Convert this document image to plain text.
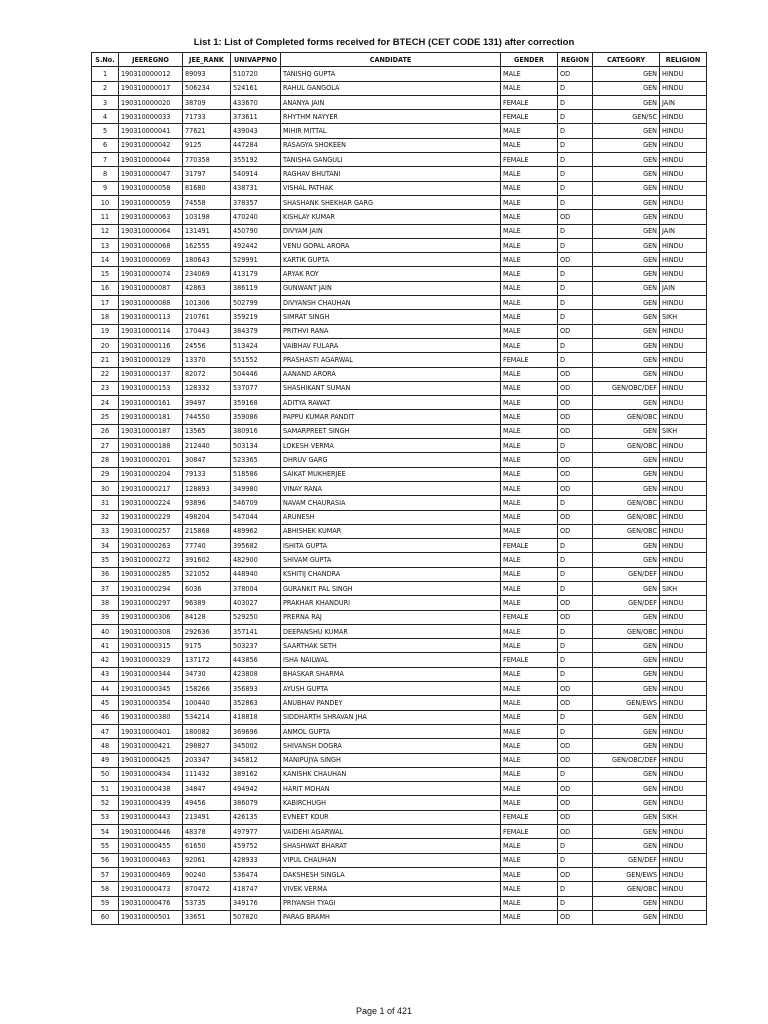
List 1: List of Completed forms received for BTECH (CET CODE 131) after correction
S.No.	JEEREGNO	JEE_RANK	UNIVAPPNO	CANDIDATE	GENDER	REGION	CATEGORY	RELIGION
1	190310000012	89093	510720	TANISHQ GUPTA	MALE	OD	GEN	HINDU
2	190310000017	506234	524161	RAHUL GANGOLA	MALE	D	GEN	HINDU
3	190310000020	38709	433670	ANANYA JAIN	FEMALE	D	GEN	JAIN
4	190310000033	71733	373611	RHYTHM NAYYER	FEMALE	D	GEN/SC	HINDU
5	190310000041	77621	439043	MIHIR MITTAL	MALE	D	GEN	HINDU
6	190310000042	9125	447284	RASAGYA SHOKEEN	MALE	D	GEN	HINDU
7	190310000044	770358	355192	TANISHA GANGULI	FEMALE	D	GEN	HINDU
8	190310000047	31797	540914	RAGHAV BHUTANI	MALE	D	GEN	HINDU
9	190310000058	81680	438731	VISHAL PATHAK	MALE	D	GEN	HINDU
10	190310000059	74558	378357	SHASHANK SHEKHAR GARG	MALE	D	GEN	HINDU
11	190310000063	103198	470240	KISHLAY KUMAR	MALE	OD	GEN	HINDU
12	190310000064	131491	450790	DIVYAM JAIN	MALE	D	GEN	JAIN
13	190310000068	162555	492442	VENU GOPAL ARORA	MALE	D	GEN	HINDU
14	190310000069	180643	529991	KARTIK GUPTA	MALE	OD	GEN	HINDU
15	190310000074	234069	413179	ARYAK ROY	MALE	D	GEN	HINDU
16	190310000087	42863	386119	GUNWANT JAIN	MALE	D	GEN	JAIN
17	190310000088	101306	502799	DIVYANSH CHAUHAN	MALE	D	GEN	HINDU
18	190310000113	210761	359219	SIMRAT SINGH	MALE	D	GEN	SIKH
19	190310000114	170443	384379	PRITHVI RANA	MALE	OD	GEN	HINDU
20	190310000116	24556	513424	VAIBHAV FULARA	MALE	D	GEN	HINDU
21	190310000129	13370	551552	PRASHASTI AGARWAL	FEMALE	D	GEN	HINDU
22	190310000137	82072	504446	AANAND ARORA	MALE	OD	GEN	HINDU
23	190310000153	128332	537077	SHASHIKANT SUMAN	MALE	OD	GEN/OBC/DEF	HINDU
24	190310000161	39497	359168	ADITYA RAWAT	MALE	OD	GEN	HINDU
25	190310000181	744550	359086	PAPPU KUMAR PANDIT	MALE	OD	GEN/OBC	HINDU
26	190310000187	13565	380916	SAMARPREET SINGH	MALE	OD	GEN	SIKH
27	190310000188	212440	503134	LOKESH VERMA	MALE	D	GEN/OBC	HINDU
28	190310000201	30847	523365	DHRUV GARG	MALE	OD	GEN	HINDU
29	190310000204	79133	518586	SAIKAT MUKHERJEE	MALE	OD	GEN	HINDU
30	190310000217	128893	349980	VINAY RANA	MALE	OD	GEN	HINDU
31	190310000224	93896	546709	NAVAM CHAURASIA	MALE	D	GEN/OBC	HINDU
32	190310000229	498204	547044	ARUNESH	MALE	OD	GEN/OBC	HINDU
33	190310000257	215868	489962	ABHISHEK KUMAR	MALE	OD	GEN/OBC	HINDU
34	190310000263	77740	395682	ISHITA GUPTA	FEMALE	D	GEN	HINDU
35	190310000272	391602	482900	SHIVAM GUPTA	MALE	D	GEN	HINDU
36	190310000285	321052	448940	KSHITIJ CHANDRA	MALE	D	GEN/DEF	HINDU
37	190310000294	6036	378004	GURANKIT PAL SINGH	MALE	D	GEN	SIKH
38	190310000297	96389	403027	PRAKHAR KHANDURI	MALE	OD	GEN/DEF	HINDU
39	190310000306	84128	529250	PRERNA RAJ	FEMALE	OD	GEN	HINDU
40	190310000308	292636	357141	DEEPANSHU KUMAR	MALE	D	GEN/OBC	HINDU
41	190310000315	9175	503237	SAARTHAK SETH	MALE	D	GEN	HINDU
42	190310000329	137172	443856	ISHA NAILWAL	FEMALE	D	GEN	HINDU
43	190310000344	34730	423808	BHASKAR SHARMA	MALE	D	GEN	HINDU
44	190310000345	158266	356893	AYUSH GUPTA	MALE	OD	GEN	HINDU
45	190310000354	100440	352863	ANUBHAV PANDEY	MALE	OD	GEN/EWS	HINDU
46	190310000380	534214	418818	SIDDHARTH SHRAVAN JHA	MALE	D	GEN	HINDU
47	190310000401	180082	369696	ANMOL GUPTA	MALE	D	GEN	HINDU
48	190310000421	298827	345002	SHIVANSH DOGRA	MALE	OD	GEN	HINDU
49	190310000425	203347	345812	MANIPUJYA SINGH	MALE	OD	GEN/OBC/DEF	HINDU
50	190310000434	111432	389162	KANISHK CHAUHAN	MALE	D	GEN	HINDU
51	190310000438	34847	494942	HARIT MOHAN	MALE	OD	GEN	HINDU
52	190310000439	49456	386079	KABIRCHUGH	MALE	OD	GEN	HINDU
53	190310000443	213491	426135	EVNEET KOUR	FEMALE	OD	GEN	SIKH
54	190310000446	48378	497977	VAIDEHI AGARWAL	FEMALE	OD	GEN	HINDU
55	190310000455	61650	459752	SHASHWAT BHARAT	MALE	D	GEN	HINDU
56	190310000463	92061	428933	VIPUL CHAUHAN	MALE	D	GEN/DEF	HINDU
57	190310000469	90240	536474	DAKSHESH SINGLA	MALE	OD	GEN/EWS	HINDU
58	190310000473	870472	418747	VIVEK VERMA	MALE	D	GEN/OBC	HINDU
59	190310000476	53735	349176	PRIYANSH TYAGI	MALE	D	GEN	HINDU
60	190310000501	33651	507820	PARAG BRAMH	MALE	OD	GEN	HINDU
Page 1 of 421
